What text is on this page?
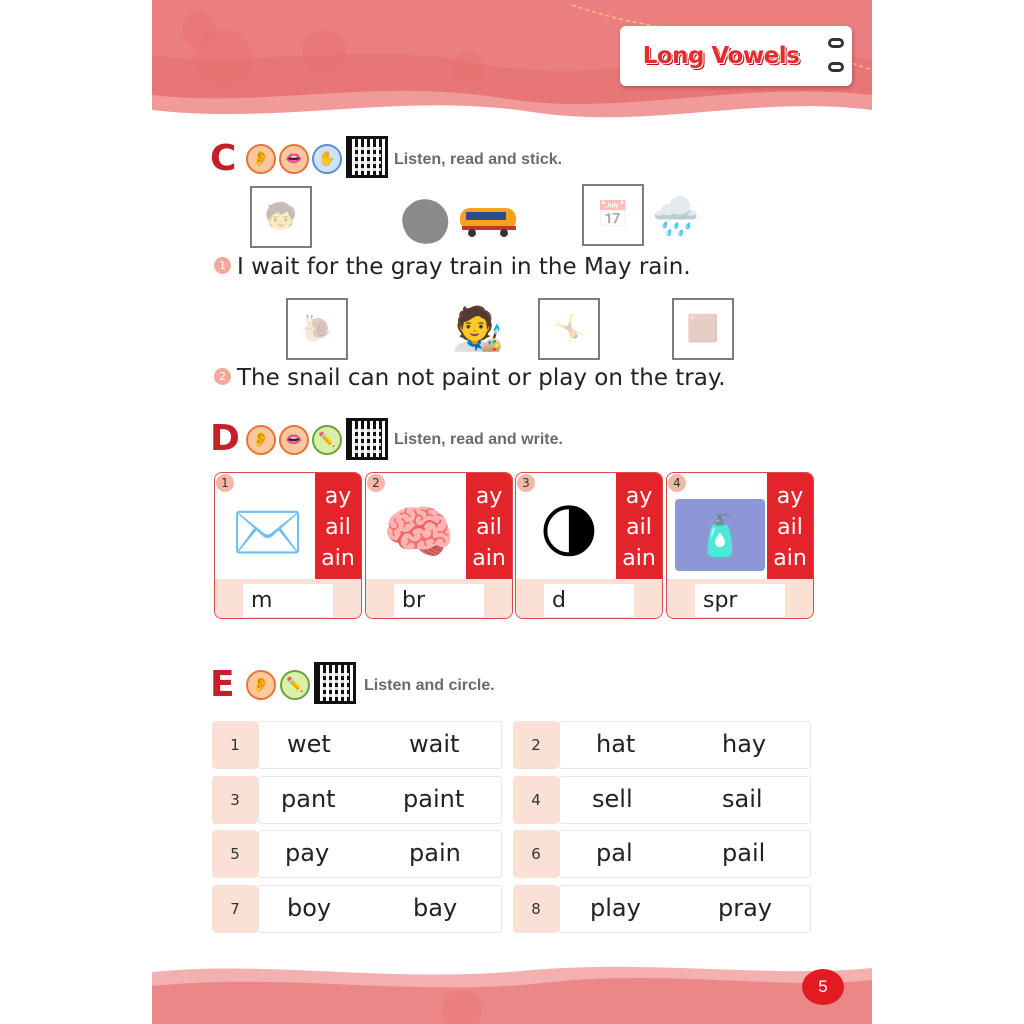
Long Vowels
C	👂	👄	✋	Listen, read and stick.
🧒	📅 🌧️
1 I wait for the gray train in the May rain.
🐌	🧑‍🎨 🤸	🟫
2 The snail can not paint or play on the tray.
D 👂	👄	✏️	Listen, read and write.
✉️
1
ay
ail
ain
m
🧠
2
ay
ail
ain
br
🌗
3
ay
ail
ain
d
🧴
4
ay
ail
ain
spr
E	👂	✏️	Listen and circle.
1	wet	wait	2	hat	hay
3	pant	paint	4	sell	sail
5	pay	pain	6	pal	pail
7	boy	bay	8	play	pray
5
